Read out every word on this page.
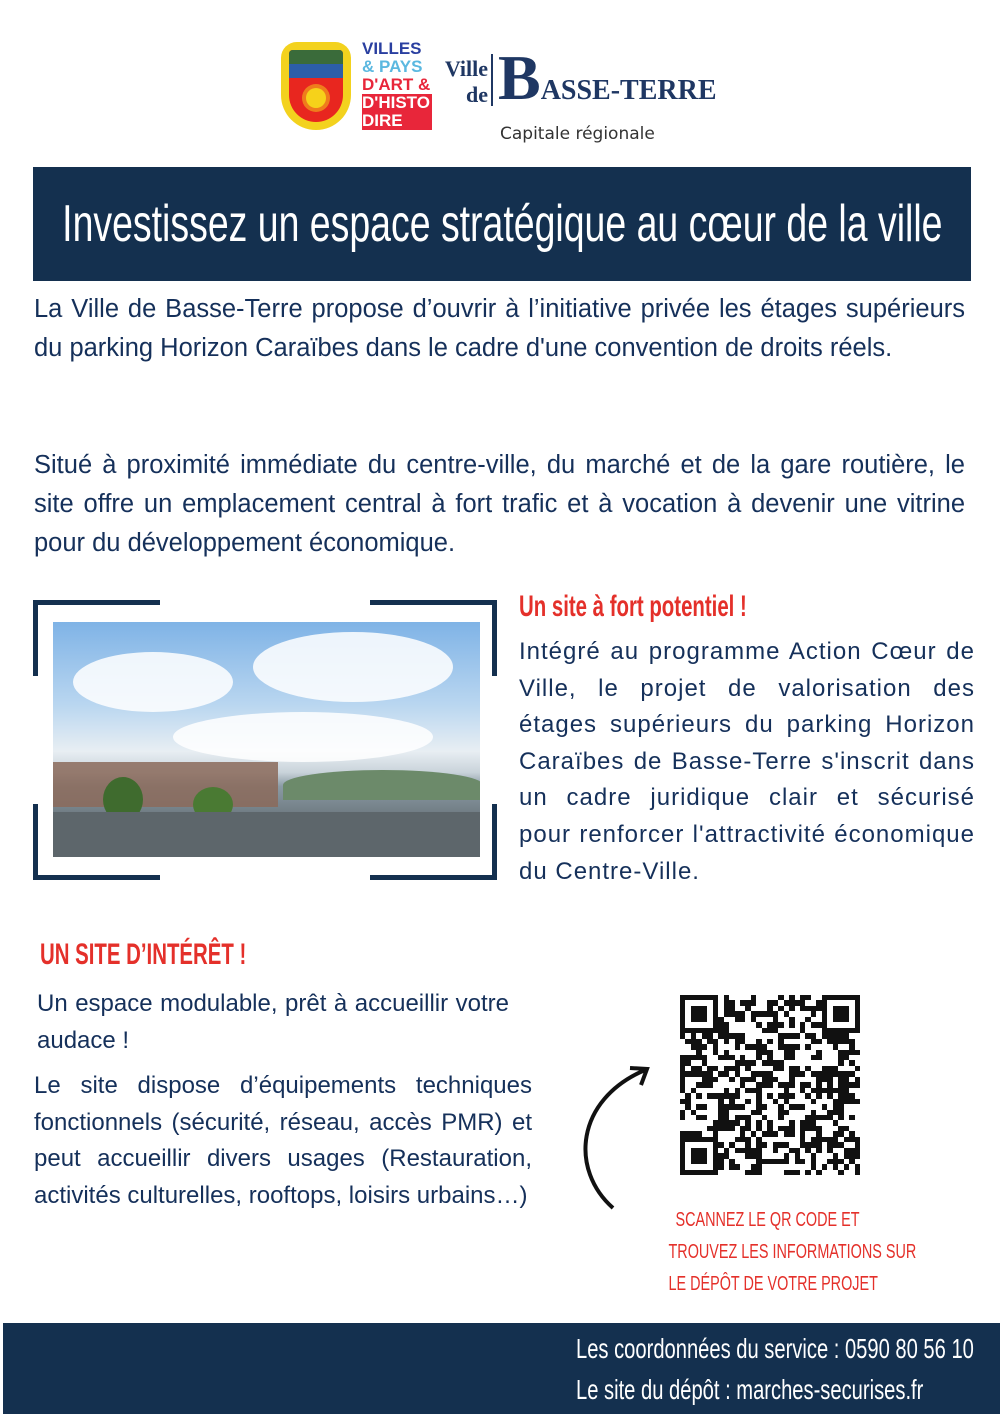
VILLES
& PAYS
D'ART &
D'HISTO
DIRE
Ville
de BASSE-TERRE
Capitale régionale
Investissez un espace stratégique au cœur de la ville
La Ville de Basse-Terre propose d’ouvrir à l’initiative privée les étages supérieurs du parking Horizon Caraïbes dans le cadre d'une convention de droits réels.
Situé à proximité immédiate du centre-ville, du marché et de la gare routière, le site offre un emplacement central à fort trafic et à vocation à devenir une vitrine pour du développement économique.
Un site à fort potentiel !
Intégré au programme Action Cœur de Ville, le projet de valorisation des étages supérieurs du parking Horizon Caraïbes de Basse-Terre s'inscrit dans un cadre juridique clair et sécurisé pour renforcer l'attractivité économique du Centre-Ville.
UN SITE D’INTÉRÊT !
Un espace modulable, prêt à accueillir votre audace !
Le site dispose d’équipements techniques fonctionnels (sécurité, réseau, accès PMR) et peut accueillir divers usages (Restauration, activités culturelles, rooftops, loisirs urbains…)
SCANNEZ LE QR CODE ET
TROUVEZ LES INFORMATIONS SUR
LE DÉPÔT DE VOTRE PROJET
Les coordonnées du service : 0590 80 56 10
Le site du dépôt : marches-securises.fr
